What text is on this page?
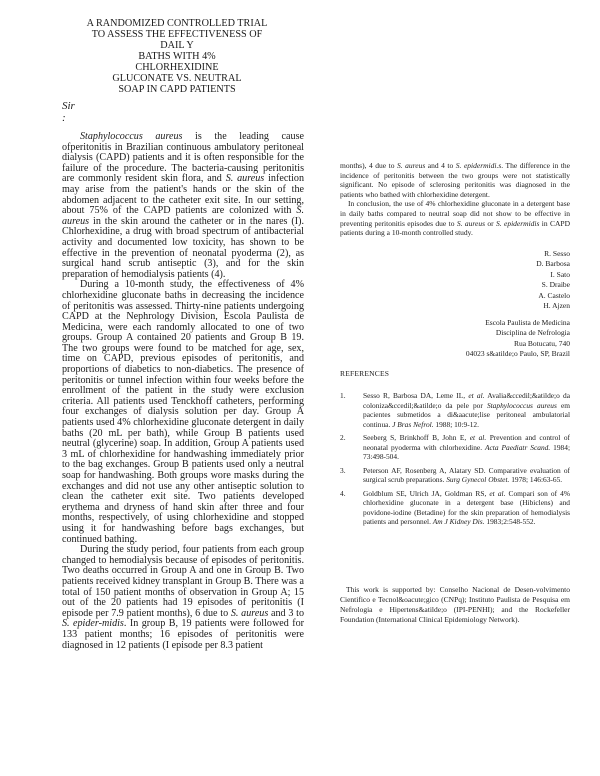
A RANDOMIZED CONTROLLED TRIAL
TO ASSESS THE EFFECTIVENESS OF
DAIL Y
BATHS WITH 4%
CHLORHEXIDINE
GLUCONATE VS. NEUTRAL
SOAP IN CAPD PATIENTS
Sir
:

Staphylococcus aureus is the leading cause ofperitonitis in Brazilian continuous ambulatory peritoneal dialysis (CAPD) patients and it is often responsible for the failure of the procedure. The bacteria-causing peritonitis are commonly resident skin flora, and S. aureus infection may arise from the patient's hands or the skin of the abdomen adjacent to the catheter exit site. In our setting, about 75% of the CAPD patients are colonized with S. aureus in the skin around the catheter or in the nares (I). Chlorhexidine, a drug with broad spectrum of antibacterial activity and documented low toxicity, has shown to be effective in the prevention of neonatal pyoderma (2), as surgical hand scrub antiseptic (3), and for the skin preparation of hemodialysis patients (4).

During a 10-month study, the effectiveness of 4% chlorhexidine gluconate baths in decreasing the incidence of peritonitis was assessed. Thirty-nine patients undergoing CAPD at the Nephrology Division, Escola Paulista de Medicina, were each randomly allocated to one of two groups. Group A contained 20 patients and Group B 19. The two groups were found to be matched for age, sex, time on CAPD, previous episodes of peritonitis, and proportions of diabetics to non-diabetics. The presence of peritonitis or tunnel infection within four weeks before the enrollment of the patient in the study were exclusion criteria. All patients used Tenckhoff catheters, performing four exchanges of dialysis solution per day. Group A patients used 4% chlorhexidine gluconate detergent in daily baths (20 mL per bath), while Group B patients used neutral (glycerine) soap. In addition, Group A patients used 3 mL of chlorhexidine for handwashing immediately prior to the bag exchanges. Group B patients used only a neutral soap for handwashing. Both groups wore masks during the exchanges and did not use any other antiseptic solution to clean the catheter exit site. Two patients developed erythema and dryness of hand skin after three and four months, respectively, of using chlorhexidine and stopped using it for handwashing before bags exchanges, but continued bathing.

During the study period, four patients from each group changed to hemodialysis because of episodes of peritonitis. Two deaths occurred in Group A and one in Group B. Two patients received kidney transplant in Group B. There was a total of 150 patient months of observation in Group A; 15 out of the 20 patients had 19 episodes of peritonitis (I episode per 7.9 patient months), 6 due to S. aureus and 3 to S. epider-midis. In group B, 19 patients were followed for 133 patient months; 16 episodes of peritonitis were diagnosed in 12 patients (I episode per 8.3 patient

months), 4 due to S. aureus and 4 to S. epidermidi.s. The difference in the incidence of peritonitis between the two groups were not statistically significant. No episode of sclerosing peritonitis was diagnosed in the patients who bathed with chlorhexidine detergent.

In conclusion, the use of 4% chlorhexidine gluconate in a detergent base in daily baths compared to neutral soap did not show to be effective in preventing peritonitis episodes due to S. aureus or S. epidermidis in CAPD patients during a 10-month controlled study.

R. Sesso
D. Barbosa
I. Sato
S. Draibe
A. Castelo
H. Ajzen
Escola Paulista de Medicina
Disciplina de Nefrologia
Rua Botucatu, 740
04023 s&atilde;o Paulo, SP, Brazil
REFERENCES
1.	Sesso R, Barbosa DA, Leme IL, et al. Avalia&ccedil;&atilde;o da coloniza&ccedil;&atilde;o da pele por Staphylococcus aureus em pacientes submetidos a di&aacute;lise peritoneal ambulatorial continua. J Bras Nefrol. 1988; 10:9-12.
2.	Seeberg S, Brinkhoff B, John E, et al. Prevention and control of neonatal pyoderma with chlorhexidine. Acta Paediatr Scand. 1984; 73:498-504.
3.	Peterson AF, Rosenberg A, Alatary SD. Comparative evaluation of surgical scrub preparations. Surg Gynecol Obstet. 1978; 146:63-65.
4.	Goldblum SE, Ulrich JA, Goldman RS, et al. Compari son of 4% chlorhexidine gluconate in a detergent base (Hibiclens) and povidone-iodine (Betadine) for the skin preparation of hemodialysis patients and personnel. Am J Kidney Dis. 1983;2:548-552.

This work is supported by: Conselho Nacional de Desen-volvimento Cientifico e Tecnol&oacute;gico (CNPq); Instituto Paulista de Pesquisa em Nefrologia e Hipertens&atilde;o (IPI-PENHI); and the Rockefeller Foundation (International Clinical Epidemiology Network).
